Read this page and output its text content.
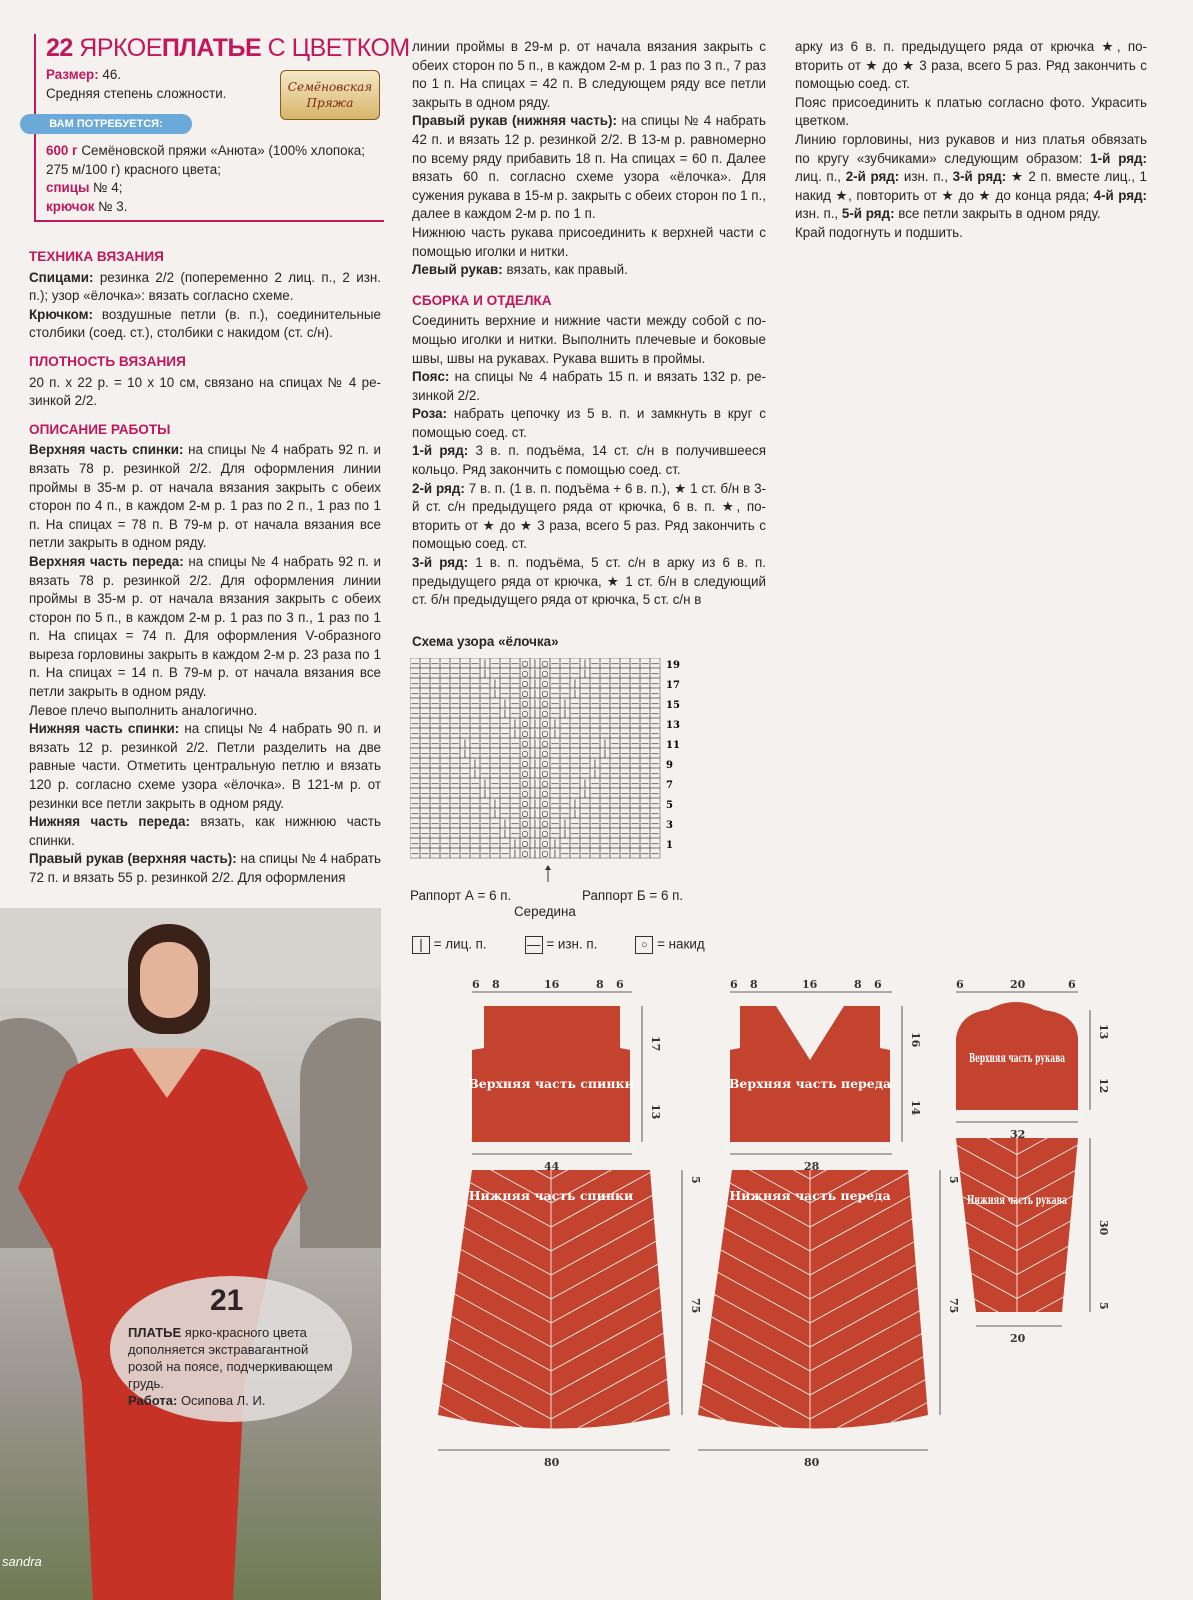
22 ЯРКОЕПЛАТЬЕ С ЦВЕТКОМ
Размер: 46.
Средняя степень сложности.
ВАМ ПОТРЕБУЕТСЯ:
Семёновская Пряжа
600 г Семёновской пряжи «Анюта» (100% хлопока; 275 м/100 г) красного цвета;
спицы № 4;
крючок № 3.
ТЕХНИКА ВЯЗАНИЯ

Спицами: резинка 2/2 (попеременно 2 лиц. п., 2 изн. п.); узор «ёлочка»: вязать согласно схеме.

Крючком: воздушные петли (в. п.), соединительные столбики (соед. ст.), столбики с накидом (ст. с/н).

ПЛОТНОСТЬ ВЯЗАНИЯ

20 п. х 22 р. = 10 х 10 см, связано на спицах № 4 резинкой 2/2.

ОПИСАНИЕ РАБОТЫ

Верхняя часть спинки: на спицы № 4 набрать 92 п. и вязать 78 р. резинкой 2/2. Для оформления линии проймы в 35-м р. от начала вязания закрыть с обеих сторон по 4 п., в каждом 2-м р. 1 раз по 2 п., 1 раз по 1 п. На спицах = 78 п. В 79-м р. от начала вязания все петли закрыть в одном ряду.

Верхняя часть переда: на спицы № 4 набрать 92 п. и вязать 78 р. резинкой 2/2. Для оформления линии проймы в 35-м р. от начала вязания закрыть с обеих сторон по 5 п., в каждом 2-м р. 1 раз по 3 п., 1 раз по 1 п. На спицах = 74 п. Для оформления V-образного выреза горловины закрыть в каждом 2-м р. 23 раза по 1 п. На спицах = 14 п. В 79-м р. от начала вязания все петли закрыть в одном ряду.

Левое плечо выполнить аналогично.

Нижняя часть спинки: на спицы № 4 набрать 90 п. и вязать 12 р. резинкой 2/2. Петли разделить на две равные части. Отметить центральную петлю и вязать 120 р. согласно схеме узора «ёлочка». В 121-м р. от резинки все петли закрыть в одном ряду.

Нижняя часть переда: вязать, как нижнюю часть спинки.

Правый рукав (верхняя часть): на спицы № 4 набрать 72 п. и вязать 55 р. резинкой 2/2. Для оформления

линии проймы в 29-м р. от начала вязания закрыть с обеих сторон по 5 п., в каждом 2-м р. 1 раз по 3 п., 7 раз по 1 п. На спицах = 42 п. В следующем ряду все петли закрыть в одном ряду.

Правый рукав (нижняя часть): на спицы № 4 набрать 42 п. и вязать 12 р. резинкой 2/2. В 13-м р. равномерно по всему ряду прибавить 18 п. На спицах = 60 п. Далее вязать 60 п. согласно схеме узора «ёлочка». Для сужения рукава в 15-м р. закрыть с обеих сторон по 1 п., далее в каждом 2-м р. по 1 п.

Нижнюю часть рукава присоединить к верхней части с помощью иголки и нитки.

Левый рукав: вязать, как правый.

СБОРКА И ОТДЕЛКА

Соединить верхние и нижние части между собой с помощью иголки и нитки. Выполнить плечевые и боковые швы, швы на рукавах. Рукава вшить в проймы.

Пояс: на спицы № 4 набрать 15 п. и вязать 132 р. резинкой 2/2.

Роза: набрать цепочку из 5 в. п. и замкнуть в круг с помощью соед. ст.

1-й ряд: 3 в. п. подъёма, 14 ст. с/н в получившееся кольцо. Ряд закончить с помощью соед. ст.

2-й ряд: 7 в. п. (1 в. п. подъёма + 6 в. п.), ★ 1 ст. б/н в 3-й ст. с/н предыдущего ряда от крючка, 6 в. п. ★, повторить от ★ до ★ 3 раза, всего 5 раз. Ряд закончить с помощью соед. ст.

3-й ряд: 1 в. п. подъёма, 5 ст. с/н в арку из 6 в. п. предыдущего ряда от крючка, ★ 1 ст. б/н в следующий ст. б/н предыдущего ряда от крючка, 5 ст. с/н в

арку из 6 в. п. предыдущего ряда от крючка ★, повторить от ★ до ★ 3 раза, всего 5 раз. Ряд закончить с помощью соед. ст.

Пояс присоединить к платью согласно фото. Украсить цветком.

Линию горловины, низ рукавов и низ платья обвязать по кругу «зубчиками» следующим образом: 1-й ряд: лиц. п., 2-й ряд: изн. п., 3-й ряд: ★ 2 п. вместе лиц., 1 накид ★, повторить от ★ до ★ до конца ряда; 4-й ряд: изн. п., 5-й ряд: все петли закрыть в одном ряду.

Край подогнуть и подшить.

Схема узора «ёлочка»
— — — — — — — | — — — ○ | ○ — — — | — — — — — — —
— — — — — — — | — — — ○ | ○ — — — | — — — — — — —
— — — — — — — — | — — ○ | ○ — — | — — — — — — — —
— — — — — — — — | — — ○ | ○ — — | — — — — — — — —
— — — — — — — — — | — ○ | ○ — | — — — — — — — — —
— — — — — — — — — | — ○ | ○ — | — — — — — — — — —
— — — — — — — — — — | ○ | ○ | — — — — — — — — — —
— — — — — — — — — — | ○ | ○ | — — — — — — — — — —
— — — — — | — — — — — ○ | ○ — — — — — | — — — — —
— — — — — | — — — — — ○ | ○ — — — — — | — — — — —
— — — — — — | — — — — ○ | ○ — — — — | — — — — — —
— — — — — — | — — — — ○ | ○ — — — — | — — — — — —
— — — — — — — | — — — ○ | ○ — — — | — — — — — — —
— — — — — — — | — — — ○ | ○ — — — | — — — — — — —
— — — — — — — — | — — ○ | ○ — — | — — — — — — — —
— — — — — — — — | — — ○ | ○ — — | — — — — — — — —
— — — — — — — — — | — ○ | ○ — | — — — — — — — — —
— — — — — — — — — | — ○ | ○ — | — — — — — — — — —
— — — — — — — — — — | ○ | ○ | — — — — — — — — — —
— — — — — — — — — — | ○ | ○ | — — — — — — — — — —
19
17
15
13
11
9
7
5
3
1
Раппорт А = 6 п.	Раппорт Б = 6 п.
Середина
| = лиц. п.	— = изн. п.	○ = накид
6 8	16	8 6
17
13
44
6 8	16	8 6
16
14
28
6	20	6
13
12
32
5
75
80
5
75
80
30
5
20
Верхняя часть спинки	Верхняя часть переда
Верхняя часть рукава
Нижняя часть спинки	Нижняя часть переда	Нижняя часть рукава
21
ПЛАТЬЕ ярко-красного цвета дополняется экстравагантной розой на поясе, подчеркивающем грудь.
Работа: Осипова Л. И.
sandra
